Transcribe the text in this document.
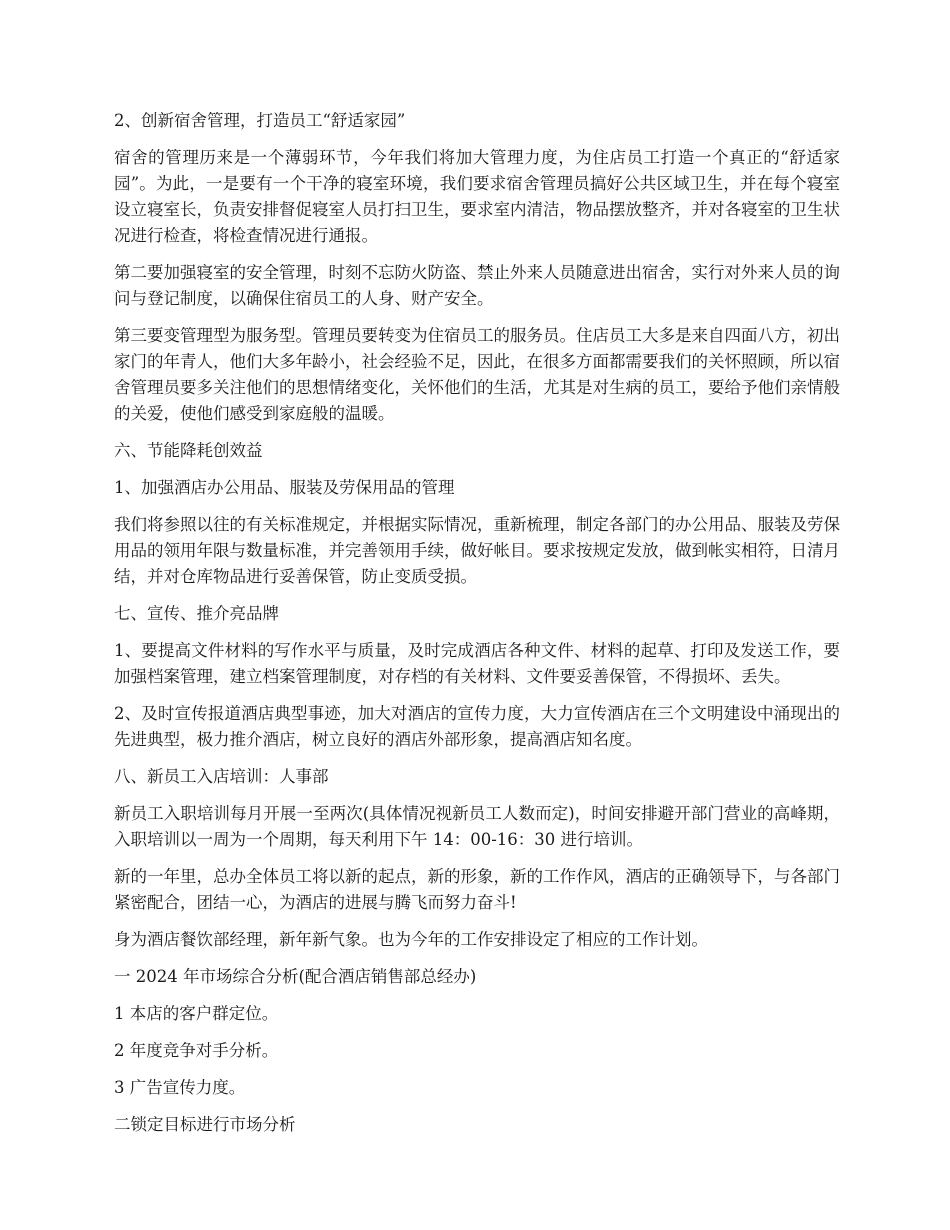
2、创新宿舍管理，打造员工“舒适家园”

宿舍的管理历来是一个薄弱环节，今年我们将加大管理力度，为住店员工打造一个真正的“舒适家园”。为此，一是要有一个干净的寝室环境，我们要求宿舍管理员搞好公共区域卫生，并在每个寝室设立寝室长，负责安排督促寝室人员打扫卫生，要求室内清洁，物品摆放整齐，并对各寝室的卫生状况进行检查，将检查情况进行通报。

第二要加强寝室的安全管理，时刻不忘防火防盗、禁止外来人员随意进出宿舍，实行对外来人员的询问与登记制度，以确保住宿员工的人身、财产安全。

第三要变管理型为服务型。管理员要转变为住宿员工的服务员。住店员工大多是来自四面八方，初出家门的年青人，他们大多年龄小，社会经验不足，因此，在很多方面都需要我们的关怀照顾，所以宿舍管理员要多关注他们的思想情绪变化，关怀他们的生活，尤其是对生病的员工，要给予他们亲情般的关爱，使他们感受到家庭般的温暖。

六、节能降耗创效益

1、加强酒店办公用品、服装及劳保用品的管理

我们将参照以往的有关标准规定，并根据实际情况，重新梳理，制定各部门的办公用品、服装及劳保用品的领用年限与数量标准，并完善领用手续，做好帐目。要求按规定发放，做到帐实相符，日清月结，并对仓库物品进行妥善保管，防止变质受损。

七、宣传、推介亮品牌

1、要提高文件材料的写作水平与质量，及时完成酒店各种文件、材料的起草、打印及发送工作，要加强档案管理，建立档案管理制度，对存档的有关材料、文件要妥善保管，不得损坏、丢失。

2、及时宣传报道酒店典型事迹，加大对酒店的宣传力度，大力宣传酒店在三个文明建设中涌现出的先进典型，极力推介酒店，树立良好的酒店外部形象，提高酒店知名度。

八、新员工入店培训：人事部

新员工入职培训每月开展一至两次(具体情况视新员工人数而定)，时间安排避开部门营业的高峰期，入职培训以一周为一个周期，每天利用下午 14：00-16：30 进行培训。

新的一年里，总办全体员工将以新的起点，新的形象，新的工作作风，酒店的正确领导下，与各部门紧密配合，团结一心，为酒店的进展与腾飞而努力奋斗!

身为酒店餐饮部经理，新年新气象。也为今年的工作安排设定了相应的工作计划。

一 2024 年市场综合分析(配合酒店销售部总经办)

1 本店的客户群定位。

2 年度竞争对手分析。

3 广告宣传力度。

二锁定目标进行市场分析
